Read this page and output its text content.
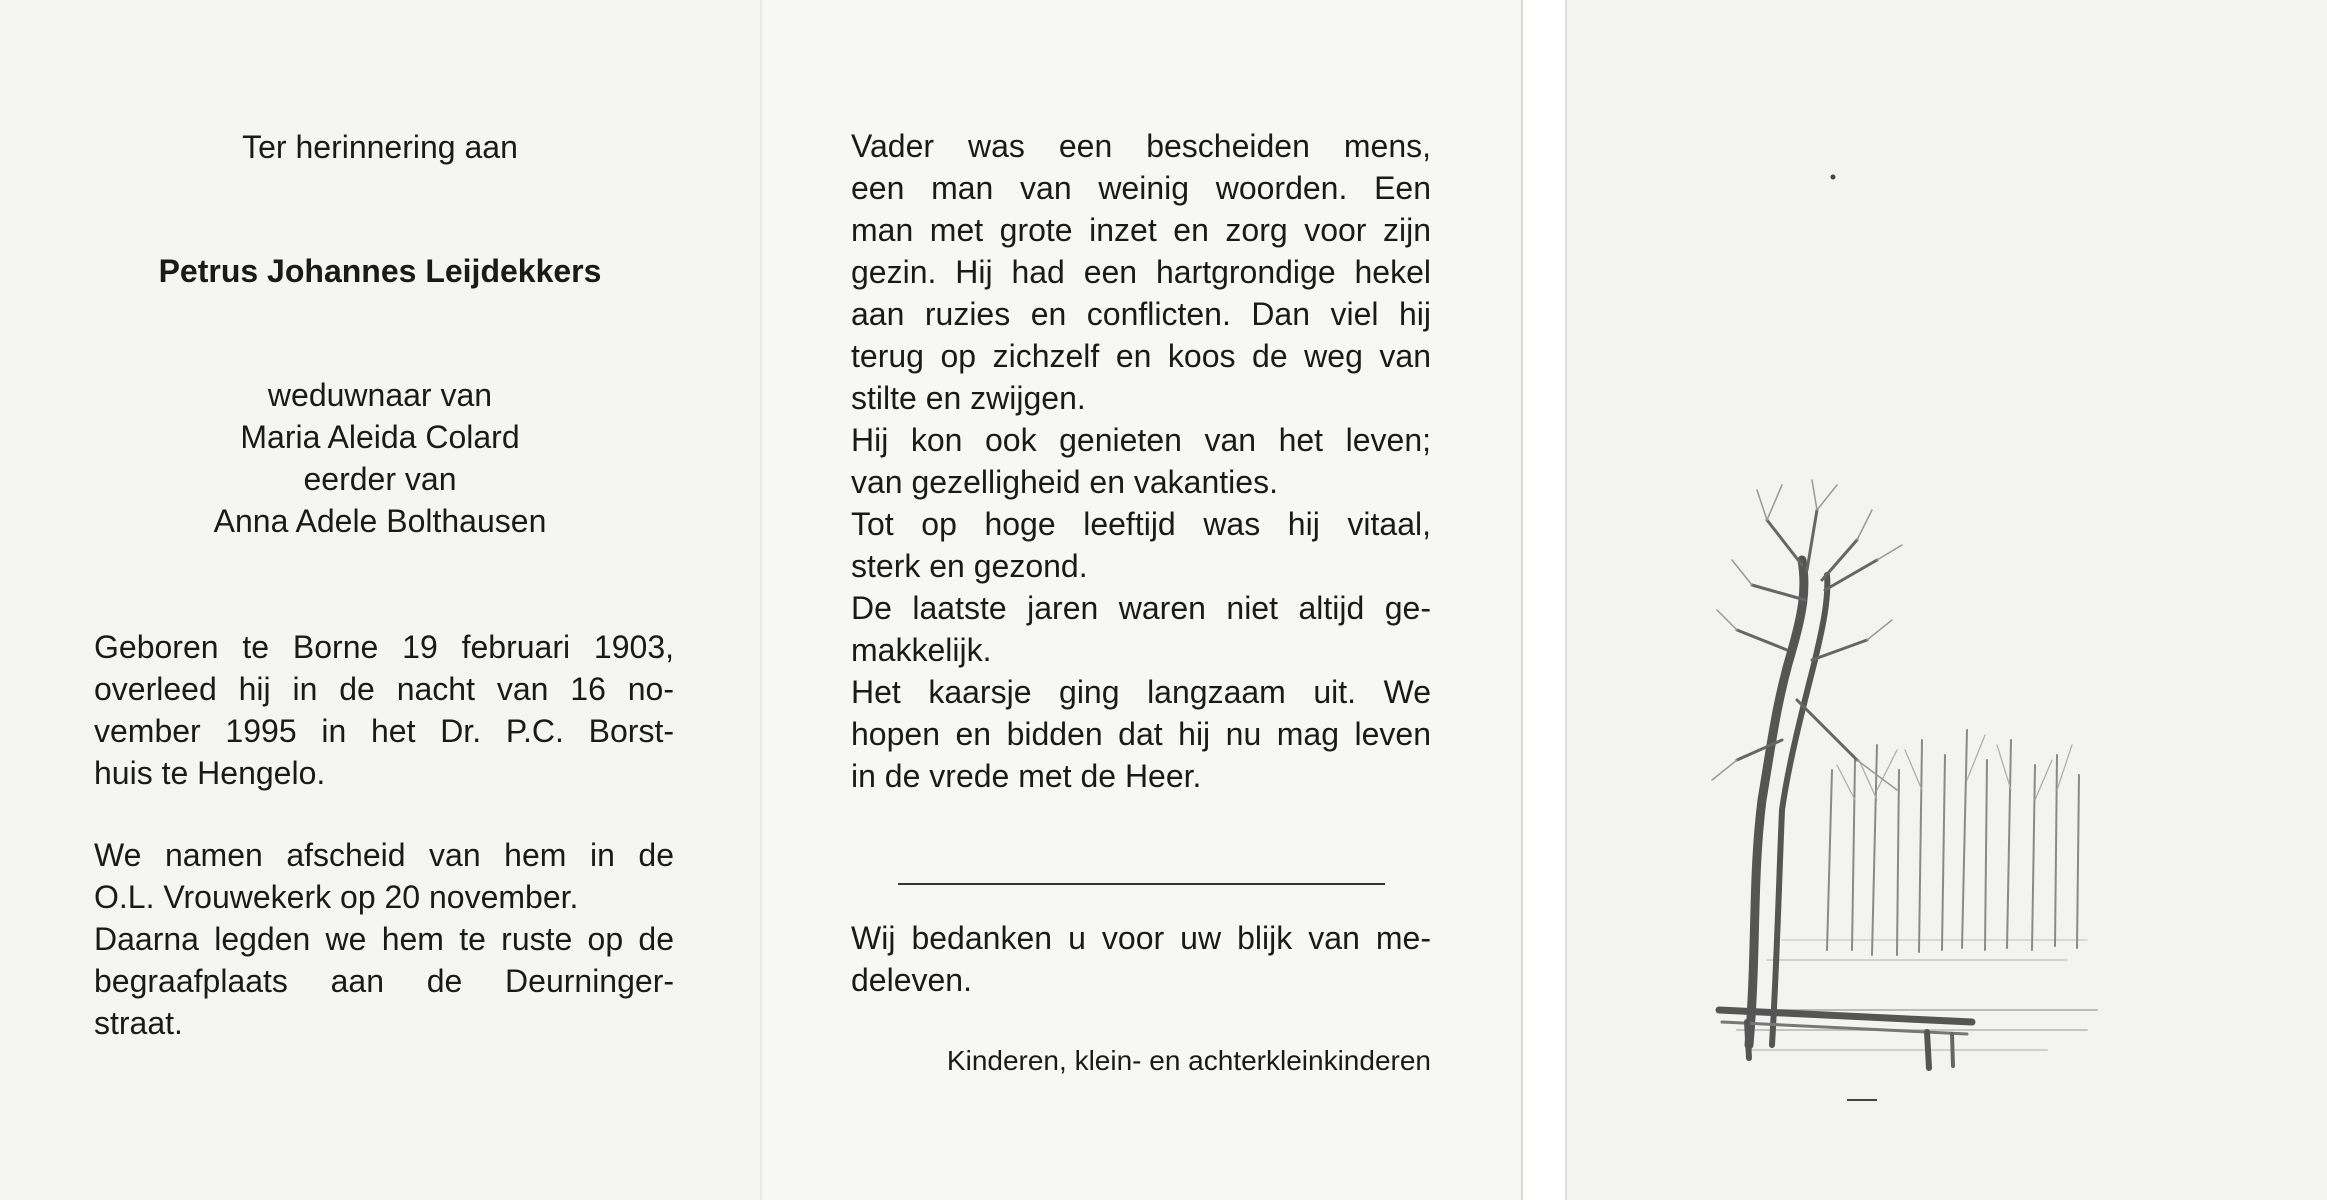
Ter herinnering aan

Petrus Johannes Leijdekkers

weduwnaar van

Maria Aleida Colard

eerder van

Anna Adele Bolthausen

Geboren te Borne 19 februari 1903,

overleed hij in de nacht van 16 no-

vember 1995 in het Dr. P.C. Borst-

huis te Hengelo.

We namen afscheid van hem in de

O.L. Vrouwekerk op 20 november.

Daarna legden we hem te ruste op de

begraafplaats aan de Deurninger-

straat.

Vader was een bescheiden mens,

een man van weinig woorden. Een

man met grote inzet en zorg voor zijn

gezin. Hij had een hartgrondige hekel

aan ruzies en conflicten. Dan viel hij

terug op zichzelf en koos de weg van

stilte en zwijgen.

Hij kon ook genieten van het leven;

van gezelligheid en vakanties.

Tot op hoge leeftijd was hij vitaal,

sterk en gezond.

De laatste jaren waren niet altijd ge-

makkelijk.

Het kaarsje ging langzaam uit. We

hopen en bidden dat hij nu mag leven

in de vrede met de Heer.

Wij bedanken u voor uw blijk van me-

deleven.

Kinderen, klein- en achterkleinkinderen
